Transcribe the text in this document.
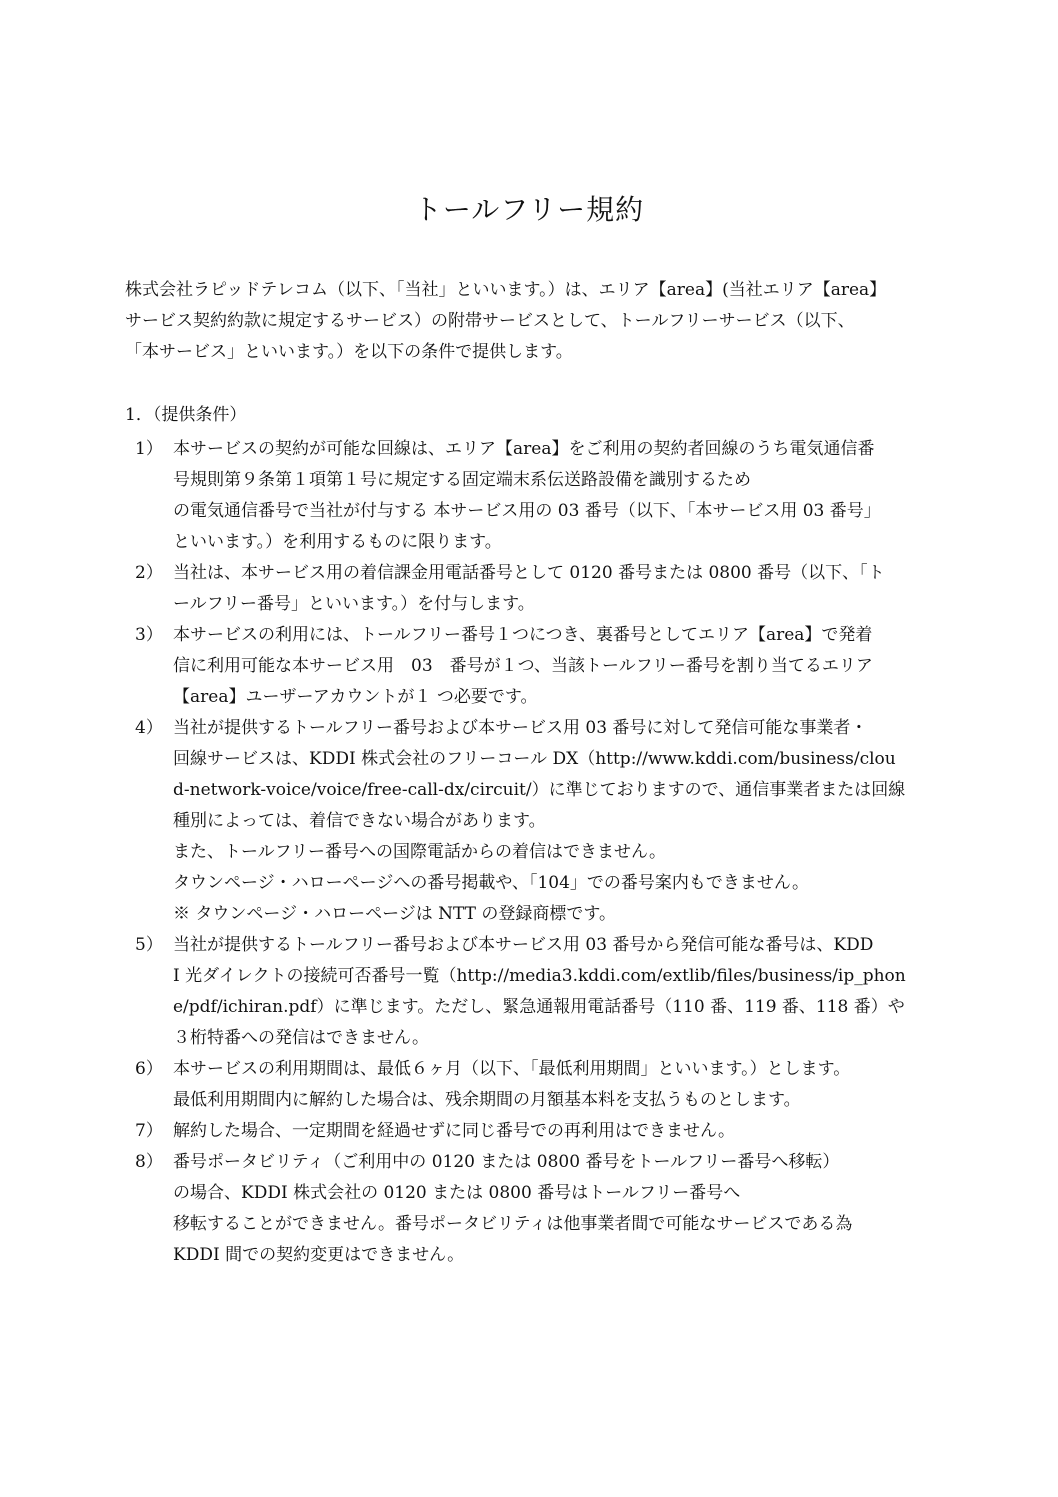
トールフリー規約
株式会社ラピッドテレコム（以下、「当社」といいます。）は、エリア【area】(当社エリア【area】
サービス契約約款に規定するサービス）の附帯サービスとして、トールフリーサービス（以下、
「本サービス」といいます。）を以下の条件で提供します。
1．（提供条件）
1） 本サービスの契約が可能な回線は、エリア【area】をご利用の契約者回線のうち電気通信番
号規則第９条第１項第１号に規定する固定端末系伝送路設備を識別するため
の電気通信番号で当社が付与する 本サービス用の 03 番号（以下、「本サービス用 03 番号」
といいます。）を利用するものに限ります。
2） 当社は、本サービス用の着信課金用電話番号として 0120 番号または 0800 番号（以下、「ト
ールフリー番号」といいます。）を付与します。
3） 本サービスの利用には、トールフリー番号１つにつき、裏番号としてエリア【area】で発着
信に利用可能な本サービス用　03　番号が１つ、当該トールフリー番号を割り当てるエリア
【area】ユーザーアカウントが１ つ必要です。
4） 当社が提供するトールフリー番号および本サービス用 03 番号に対して発信可能な事業者・
回線サービスは、KDDI 株式会社のフリーコール DX（http://www.kddi.com/business/clou
d-network-voice/voice/free-call-dx/circuit/）に準じておりますので、通信事業者または回線
種別によっては、着信できない場合があります。
また、トールフリー番号への国際電話からの着信はできません。
タウンページ・ハローページへの番号掲載や、「104」での番号案内もできません。
※ タウンページ・ハローページは NTT の登録商標です。
5） 当社が提供するトールフリー番号および本サービス用 03 番号から発信可能な番号は、KDD
I 光ダイレクトの接続可否番号一覧（http://media3.kddi.com/extlib/files/business/ip_phon
e/pdf/ichiran.pdf）に準じます。ただし、緊急通報用電話番号（110 番、119 番、118 番）や
３桁特番への発信はできません。
6） 本サービスの利用期間は、最低６ヶ月（以下、「最低利用期間」といいます。）とします。
最低利用期間内に解約した場合は、残余期間の月額基本料を支払うものとします。
7） 解約した場合、一定期間を経過せずに同じ番号での再利用はできません。
8） 番号ポータビリティ（ご利用中の 0120 または 0800 番号をトールフリー番号へ移転）
の場合、KDDI 株式会社の 0120 または 0800 番号はトールフリー番号へ
移転することができません。番号ポータビリティは他事業者間で可能なサービスである為
KDDI 間での契約変更はできません。
